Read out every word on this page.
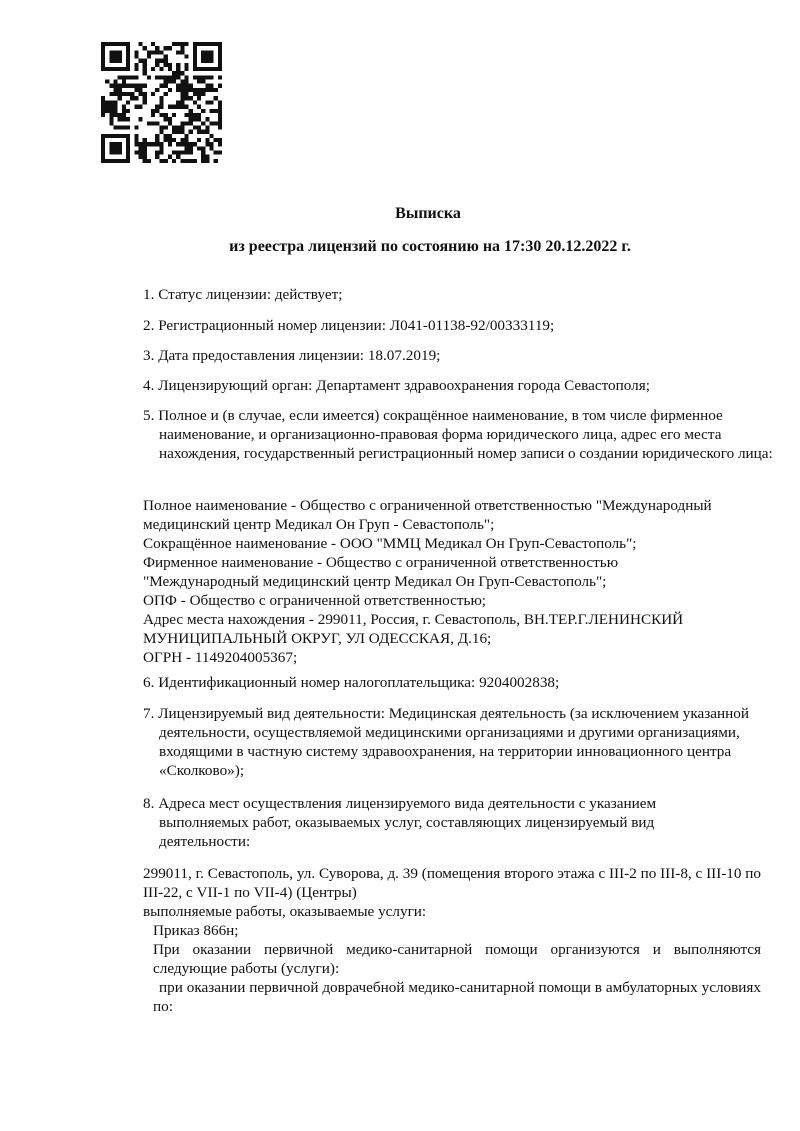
Выписка
из реестра лицензий по состоянию на 17:30 20.12.2022 г.
1. Статус лицензии: действует;
2. Регистрационный номер лицензии: Л041-01138-92/00333119;
3. Дата предоставления лицензии: 18.07.2019;
4. Лицензирующий орган: Департамент здравоохранения города Севастополя;
5. Полное и (в случае, если имеется) сокращённое наименование, в том числе фирменное наименование, и организационно-правовая форма юридического лица, адрес его места нахождения, государственный регистрационный номер записи о создании юридического лица:
Полное наименование - Общество с ограниченной ответственностью "Международный
медицинский центр Медикал Он Груп - Севастополь";
Сокращённое наименование - ООО "ММЦ Медикал Он Груп-Севастополь";
Фирменное наименование - Общество с ограниченной ответственностью
"Международный медицинский центр Медикал Он Груп-Севастополь";
ОПФ - Общество с ограниченной ответственностью;
Адрес места нахождения - 299011, Россия, г. Севастополь, ВН.ТЕР.Г.ЛЕНИНСКИЙ
МУНИЦИПАЛЬНЫЙ ОКРУГ, УЛ ОДЕССКАЯ, Д.16;
ОГРН - 1149204005367;
6. Идентификационный номер налогоплательщика: 9204002838;
7. Лицензируемый вид деятельности: Медицинская деятельность (за исключением указанной деятельности, осуществляемой медицинскими организациями и другими организациями, входящими в частную систему здравоохранения, на территории инновационного центра «Сколково»);
8. Адреса мест осуществления лицензируемого вида деятельности с указанием выполняемых работ, оказываемых услуг, составляющих лицензируемый вид деятельности:
299011, г. Севастополь, ул. Суворова, д. 39 (помещения второго этажа с III-2 по III-8, с III-10 по III-22, с VII-1 по VII-4) (Центры)
выполняемые работы, оказываемые услуги:
Приказ 866н;
При оказании первичной медико-санитарной помощи организуются и выполняются следующие работы (услуги):
при оказании первичной доврачебной медико-санитарной помощи в амбулаторных условиях по:
